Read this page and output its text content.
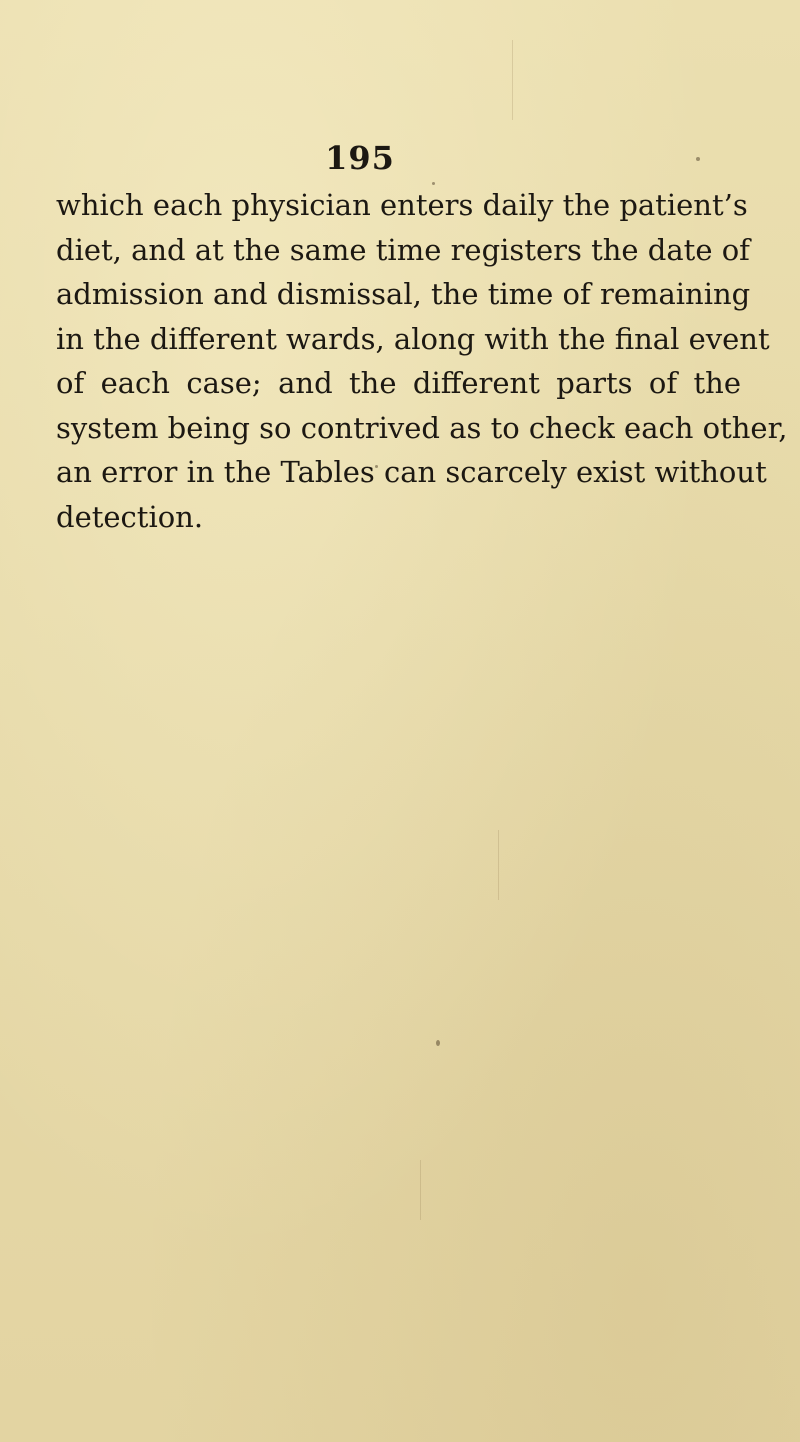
195

which each physician enters daily the patient’s
diet, and at the same time registers the date of
admission and dismissal, the time of remaining
in the different wards, along with the final event
of each case; and the different parts of the
system being so contrived as to check each other,
an error in the Tables can scarcely exist without
detection.
